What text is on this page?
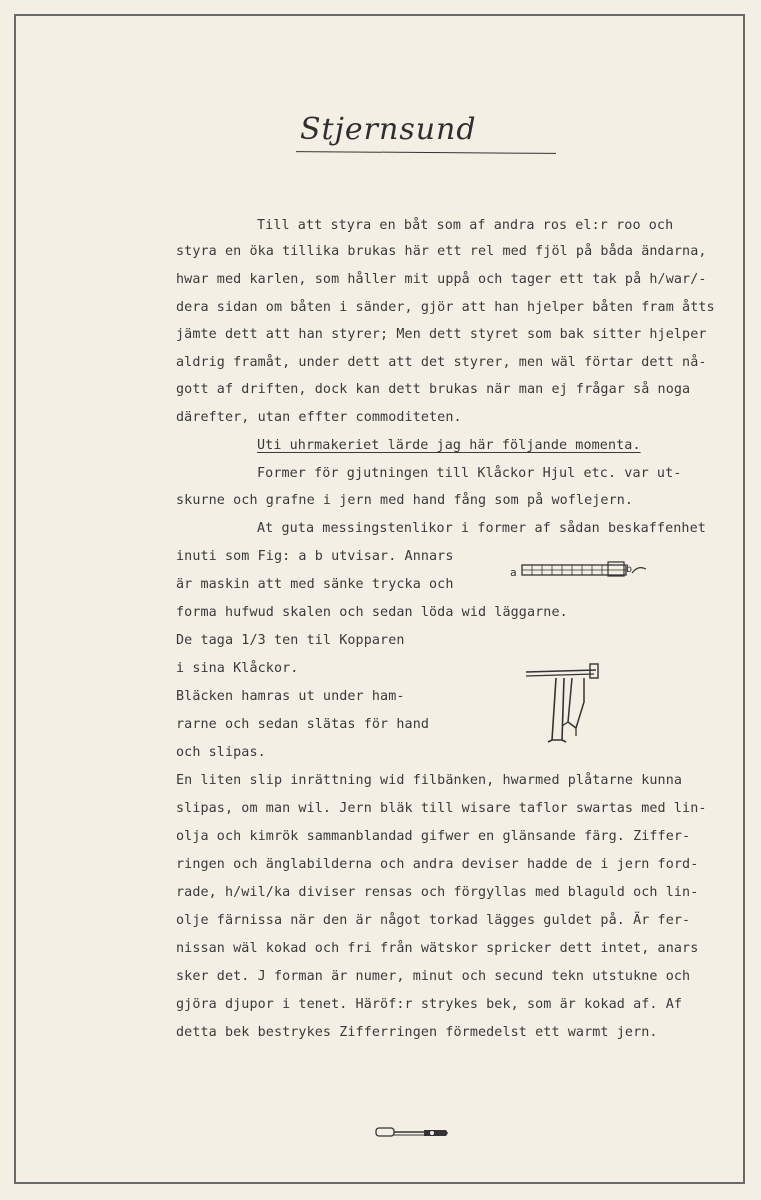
Stjernsund
Till att styra en båt som af andra ros el:r roo och
styra en öka tillika brukas här ett rel med fjöl på båda ändarna,
hwar med karlen, som håller mit uppå och tager ett tak på h/war/-
dera sidan om båten i sänder, gjör att han hjelper båten fram åtts
jämte dett att han styrer; Men dett styret som bak sitter hjelper
aldrig framåt, under dett att det styrer, men wäl förtar dett nå-
gott af driften, dock kan dett brukas när man ej frågar så noga
därefter, utan effter commoditeten.
Uti uhrmakeriet lärde jag här följande momenta.
Former för gjutningen till Klåckor Hjul etc. var ut-
skurne och grafne i jern med hand fång som på woflejern.
At guta messingstenlikor i former af sådan beskaffenhet
inuti som Fig: a b utvisar. Annars
är maskin att med sänke trycka och
forma hufwud skalen och sedan löda wid läggarne.
De taga 1/3 ten til Kopparen
i sina Klåckor.
Bläcken hamras ut under ham-
rarne och sedan slätas för hand
och slipas.
En liten slip inrättning wid filbänken, hwarmed plåtarne kunna
slipas, om man wil. Jern bläk till wisare taflor swartas med lin-
olja och kimrök sammanblandad gifwer en glänsande färg. Ziffer-
ringen och änglabilderna och andra deviser hadde de i jern ford-
rade, h/wil/ka diviser rensas och förgyllas med blaguld och lin-
olje färnissa när den är något torkad lägges guldet på. Är fer-
nissan wäl kokad och fri från wätskor spricker dett intet, anars
sker det. J forman är numer, minut och secund tekn utstukne och
gjöra djupor i tenet. Häröf:r strykes bek, som är kokad af. Af
detta bek bestrykes Zifferringen förmedelst ett warmt jern.
a	b
